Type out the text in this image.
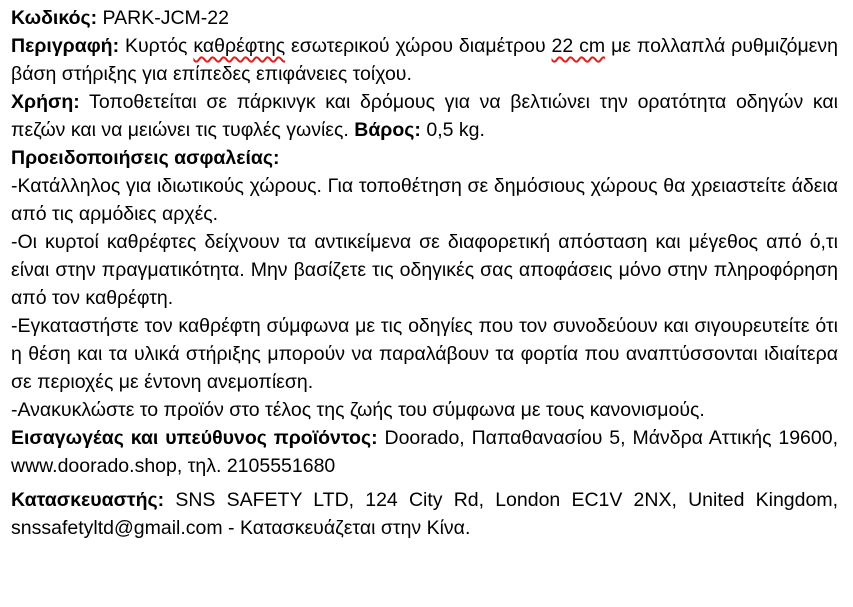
Κωδικός: PARK-JCM-22

Περιγραφή: Κυρτός καθρέφτης εσωτερικού χώρου διαμέτρου 22 cm με πολλαπλά ρυθμιζόμενη βάση στήριξης για επίπεδες επιφάνειες τοίχου.

Χρήση: Τοποθετείται σε πάρκινγκ και δρόμους για να βελτιώνει την ορατότητα οδηγών και πεζών και να μειώνει τις τυφλές γωνίες. Βάρος: 0,5 kg.

Προειδοποιήσεις ασφαλείας:

-Κατάλληλος για ιδιωτικούς χώρους. Για τοποθέτηση σε δημόσιους χώρους θα χρειαστείτε άδεια από τις αρμόδιες αρχές.

-Οι κυρτοί καθρέφτες δείχνουν τα αντικείμενα σε διαφορετική απόσταση και μέγεθος από ό,τι είναι στην πραγματικότητα. Μην βασίζετε τις οδηγικές σας αποφάσεις μόνο στην πληροφόρηση από τον καθρέφτη.

-Εγκαταστήστε τον καθρέφτη σύμφωνα με τις οδηγίες που τον συνοδεύουν και σιγουρευτείτε ότι η θέση και τα υλικά στήριξης μπορούν να παραλάβουν τα φορτία που αναπτύσσονται ιδιαίτερα σε περιοχές με έντονη ανεμοπίεση.

-Ανακυκλώστε το προϊόν στο τέλος της ζωής του σύμφωνα με τους κανονισμούς.

Εισαγωγέας και υπεύθυνος προϊόντος: Doorado, Παπαθανασίου 5, Μάνδρα Αττικής 19600, www.doorado.shop, τηλ. 2105551680

Κατασκευαστής: SNS SAFETY LTD, 124 City Rd, London EC1V 2NX, United Kingdom, snssafetyltd@gmail.com - Κατασκευάζεται στην Κίνα.
